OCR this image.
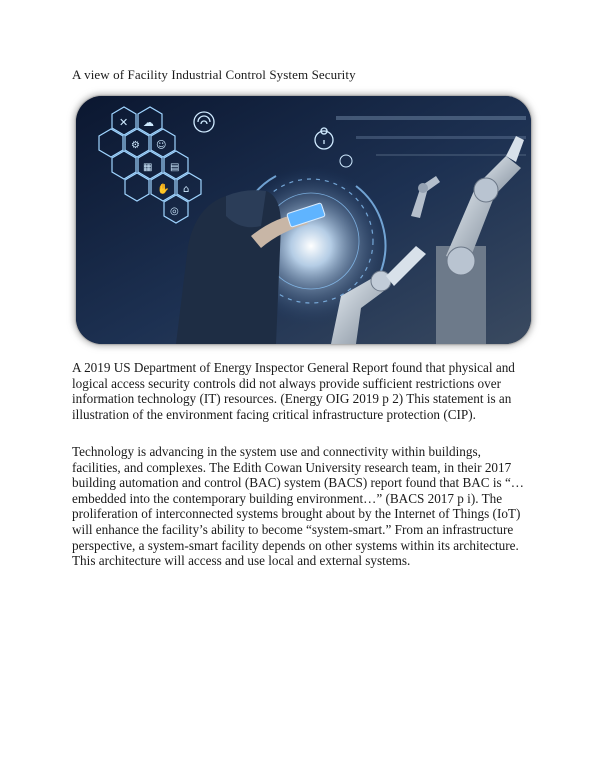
A view of Facility Industrial Control System Security
✕ ☁
⚙ ☺
▦ ▤
✋ ⌂
◎

A 2019 US Department of Energy Inspector General Report found that physical and logical access security controls did not always provide sufficient restrictions over information technology (IT) resources. (Energy OIG 2019 p 2) This statement is an illustration of the environment facing critical infrastructure protection (CIP).

Technology is advancing in the system use and connectivity within buildings, facilities, and complexes. The Edith Cowan University research team, in their 2017 building automation and control (BAC) system (BACS) report found that BAC is “… embedded into the contemporary building environment…” (BACS 2017 p i). The proliferation of interconnected systems brought about by the Internet of Things (IoT) will enhance the facility’s ability to become “system-smart.” From an infrastructure perspective, a system-smart facility depends on other systems within its architecture. This architecture will access and use local and external systems.
